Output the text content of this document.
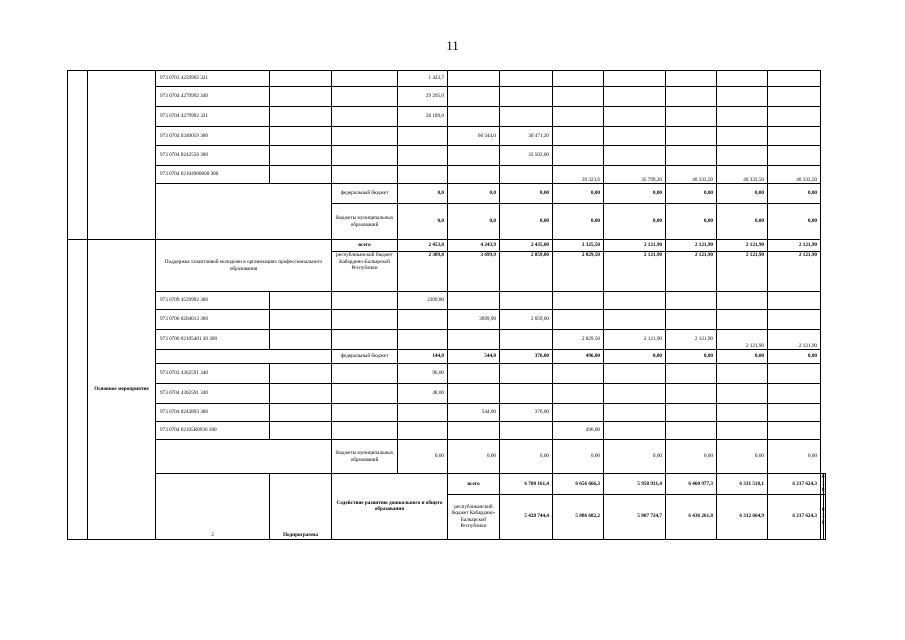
11
		973 0703 4259992 321			1 423,7									
		973 0704 4279992 340			29 295,0									
		973 0704 4279992 321			28 189,0									
		973 0704 0240059 300				60 344,0	30 471,20							
		973 0704 0242556 300					33 503,00							
		973 0704 02104900000 300						39 323,6	35 799,20	40 333,50	40 333,50	40 333,50		
				федеральный бюджет	0,0	0,0	0,00	0,00	0,00	0,00	0,00	0,00		
				бюджеты муниципальных образований	0,0	0,0	0,00	0,00	0,00	0,00	0,00	0,00		
	Основное мероприятие	Поддержка талантливой молодежи в организациях профессионального образования		всего	2 453,8	4 243,9	2 435,00	3 325,50	2 121,90	2 121,90	2 121,90	2 121,90		
				республиканский бюджет Кабардино-Балкарской Республики	2 309,8	3 699,9	2 059,00	2 829,50	2 121,90	2 121,90	2 121,90	2 121,90		
		973 0709 4529992 300			2309,80									
		973 0706 0204013 300				3699,90	2 059,00							
		973 0706 02105401 30 300						2 829,50	2 121,90	2 121,90	2 121,90	2 121,90		
				федеральный бюджет	144,0	544,0	376,00	496,00	0,00	0,00	0,00	0,00		
		973 0703 4362591 340			96,00									
		973 0704 4362591 340			48,00									
		973 0704 0243893 300				544,00	376,00							
		973 0704 02105R0930 300						496,00						
				бюджеты муниципальных образований	0,00	0,00	0,00	0,00	0,00	0,00	0,00	0,00		
		2	Подпрограмма	Содействие развитию дошкольного и общего образования		всего	6 700 161,4	6 656 666,3	5 958 931,4	6 460 977,3	6 331 518,1	6 217 624,3		
						республиканский бюджет Кабардино-Балкарской Республики	5 428 744,4	5 886 682,2	5 807 724,7	6 436 261,8	6 312 664,9	6 217 624,3		
